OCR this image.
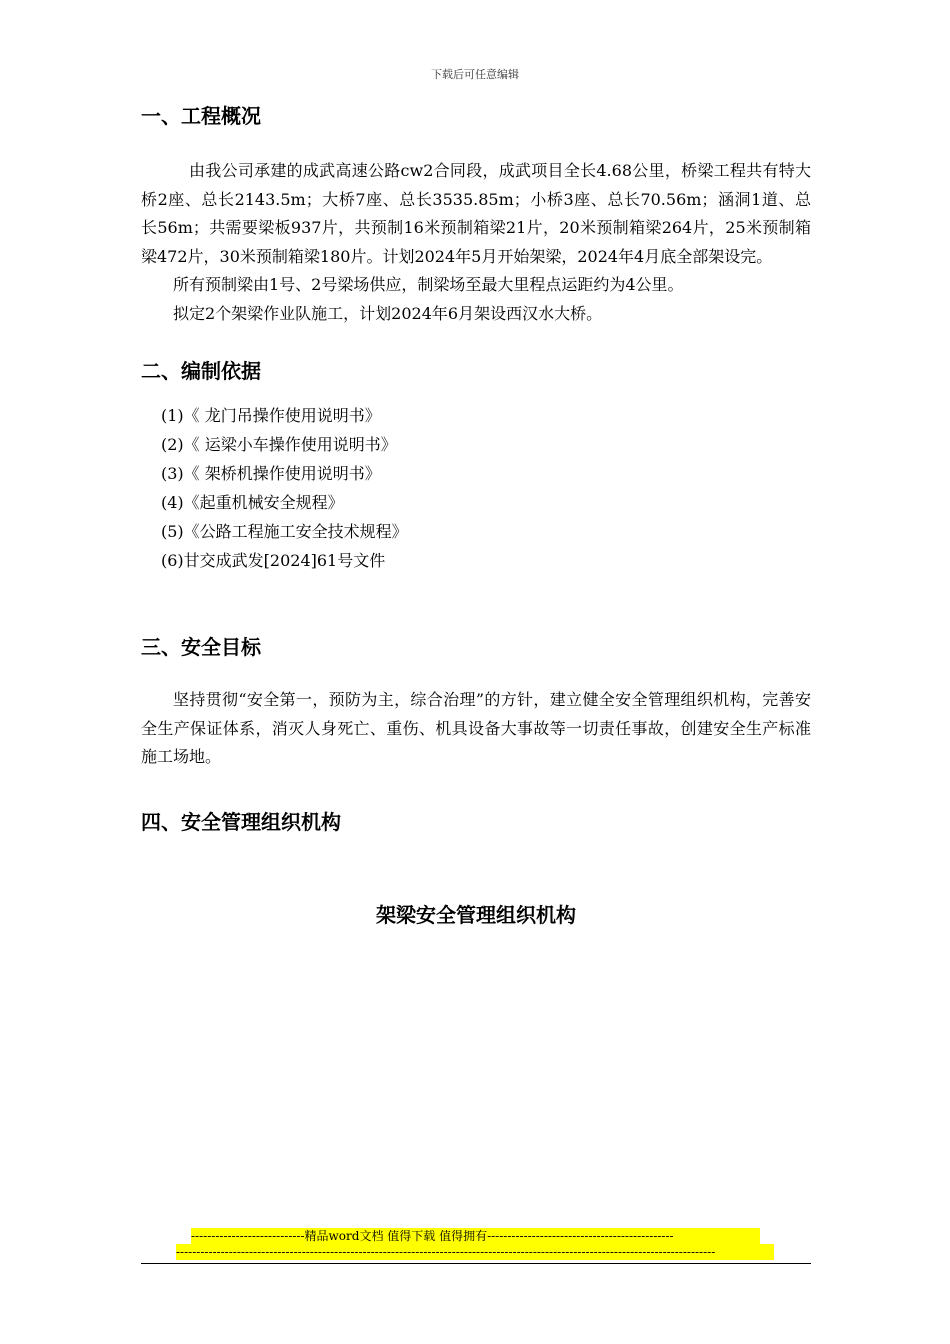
下载后可任意编辑
一、工程概况

由我公司承建的成武高速公路cw2合同段，成武项目全长4.68公里，桥梁工程共有特大桥2座、总长2143.5m；大桥7座、总长3535.85m；小桥3座、总长70.56m；涵洞1道、总长56m；共需要梁板937片，共预制16米预制箱梁21片，20米预制箱梁264片，25米预制箱梁472片，30米预制箱梁180片。计划2024年5月开始架梁，2024年4月底全部架设完。

所有预制梁由1号、2号梁场供应，制梁场至最大里程点运距约为4公里。

拟定2个架梁作业队施工，计划2024年6月架设西汉水大桥。

二、编制依据
(1)《 龙门吊操作使用说明书》
(2)《 运梁小车操作使用说明书》
(3)《 架桥机操作使用说明书》
(4)《起重机械安全规程》
(5)《公路工程施工安全技术规程》
(6)甘交成武发[2024]61号文件
三、安全目标

坚持贯彻“安全第一，预防为主，综合治理”的方针，建立健全安全管理组织机构，完善安全生产保证体系，消灭人身死亡、重伤、机具设备大事故等一切责任事故，创建安全生产标准施工场地。

四、安全管理组织机构

架梁安全管理组织机构

----------------------------精品word文档 值得下载 值得拥有----------------------------------------------
-------------------------------------------------------------------------------------------------------------------------------------
